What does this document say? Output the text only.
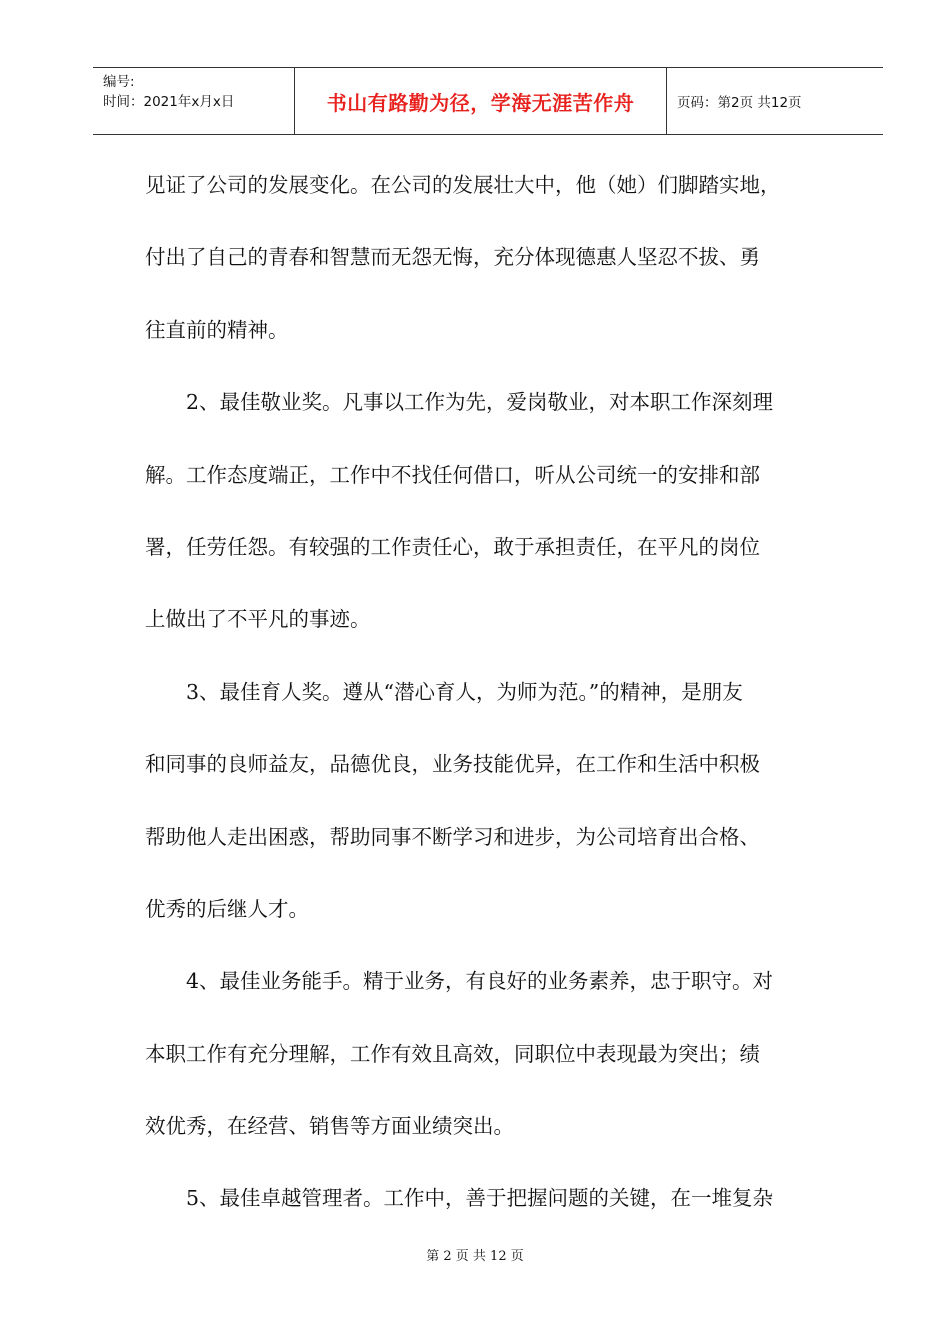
编号:
时间：2021年x月x日	书山有路勤为径，学海无涯苦作舟	页码：第2页 共12页
见证了公司的发展变化。在公司的发展壮大中，他（她）们脚踏实地，
付出了自己的青春和智慧而无怨无悔，充分体现德惠人坚忍不拔、勇
往直前的精神。
　　2、最佳敬业奖。凡事以工作为先，爱岗敬业，对本职工作深刻理
解。工作态度端正，工作中不找任何借口，听从公司统一的安排和部
署，任劳任怨。有较强的工作责任心，敢于承担责任，在平凡的岗位
上做出了不平凡的事迹。
　　3、最佳育人奖。遵从“潜心育人，为师为范。”的精神，是朋友
和同事的良师益友，品德优良，业务技能优异，在工作和生活中积极
帮助他人走出困惑，帮助同事不断学习和进步，为公司培育出合格、
优秀的后继人才。
　　4、最佳业务能手。精于业务，有良好的业务素养，忠于职守。对
本职工作有充分理解，工作有效且高效，同职位中表现最为突出；绩
效优秀，在经营、销售等方面业绩突出。
　　5、最佳卓越管理者。工作中，善于把握问题的关键，在一堆复杂
第 2 页 共 12 页
